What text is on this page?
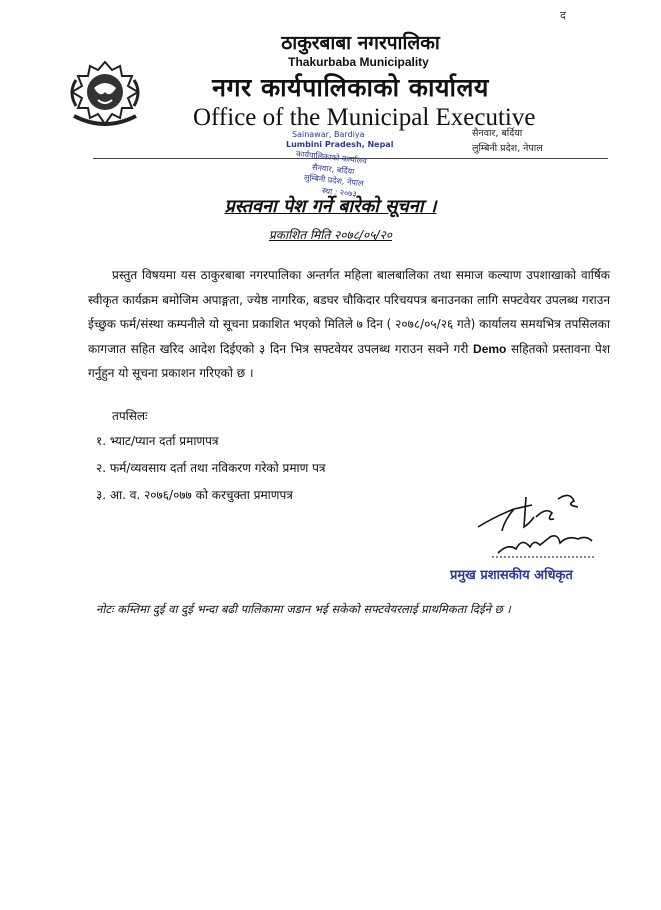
द
ठाकुरबाबा नगरपालिका
Thakurbaba Municipality
नगर कार्यपालिकाको कार्यालय
Office of the Municipal Executive
सैनवार, बर्दिया
लुम्बिनी प्रदेश, नेपाल
Sainawar, Bardiya
Lumbini Pradesh, Nepal
कार्यपालिकाको कार्यालय
सैनवार, बर्दिया
लुम्बिनी प्रदेश, नेपाल
स्था : २०७३
प्रस्तवना पेश गर्ने बारेको सूचना ।
प्रकाशित मिति २०७८/०५/२०
प्रस्तुत विषयमा यस ठाकुरबाबा नगरपालिका अन्तर्गत महिला बालबालिका तथा समाज कल्याण उपशाखाको वार्षिक स्वीकृत कार्यक्रम बमोजिम अपाङ्गता, ज्येष्ठ नागरिक, बडघर चौकिदार परिचयपत्र बनाउनका लागि सफ्टवेयर उपलब्ध गराउन ईच्छुक फर्म/संस्था कम्पनीले यो सूचना प्रकाशित भएको मितिले ७ दिन ( २०७८/०५/२६ गते) कार्यालय समयभित्र तपसिलका कागजात सहित खरिद आदेश दिईएको ३ दिन भित्र सफ्टवेयर उपलब्ध गराउन सक्ने गरी Demo सहितको प्रस्तावना पेश गर्नुहुन यो सूचना प्रकाशन गरिएको छ ।
तपसिलः
१. भ्याट/प्यान दर्ता प्रमाणपत्र
२. फर्म/व्यवसाय दर्ता तथा नविकरण गरेको प्रमाण पत्र
३. आ. व. २०७६/०७७ को करचुक्ता प्रमाणपत्र
प्रमुख प्रशासकीय अधिकृत
नोटः कम्तिमा दुई वा दुई भन्दा बढी पालिकामा जडान भई सकेको सफ्टवेयरलाई प्राथमिकता दिईने छ ।
